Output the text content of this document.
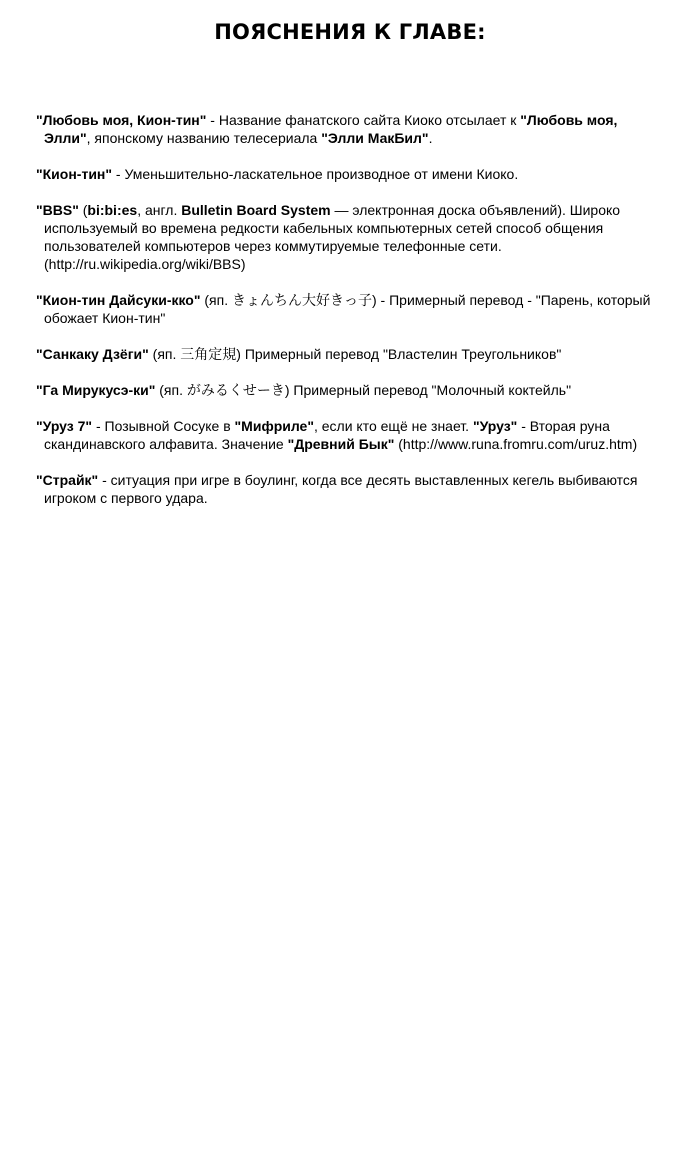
ПОЯСНЕНИЯ К ГЛАВЕ:
"Любовь моя, Кион-тин" - Название фанатского сайта Киоко отсылает к "Любовь моя, Элли", японскому названию телесериала "Элли МакБил".
"Кион-тин" - Уменьшительно-ласкательное производное от имени Киоко.
"BBS" (bi:bi:es, англ. Bulletin Board System — электронная доска объявлений). Широко используемый во времена редкости кабельных компьютерных сетей способ общения пользователей компьютеров через коммутируемые телефонные сети. (http://ru.wikipedia.org/wiki/BBS)
"Кион-тин Дайсуки-кко" (яп. きょんちん大好きっ子) - Примерный перевод - "Парень, который обожает Кион-тин"
"Санкаку Дзёги" (яп. 三角定規) Примерный перевод "Властелин Треугольников"
"Га Мирукусэ-ки" (яп. がみるくせーき) Примерный перевод "Молочный коктейль"
"Уруз 7" - Позывной Сосуке в "Мифриле", если кто ещё не знает. "Уруз" - Вторая руна скандинавского алфавита. Значение "Древний Бык" (http://www.runa.fromru.com/uruz.htm)
"Страйк" - ситуация при игре в боулинг, когда все десять выставленных кегель выбиваются игроком с первого удара.
